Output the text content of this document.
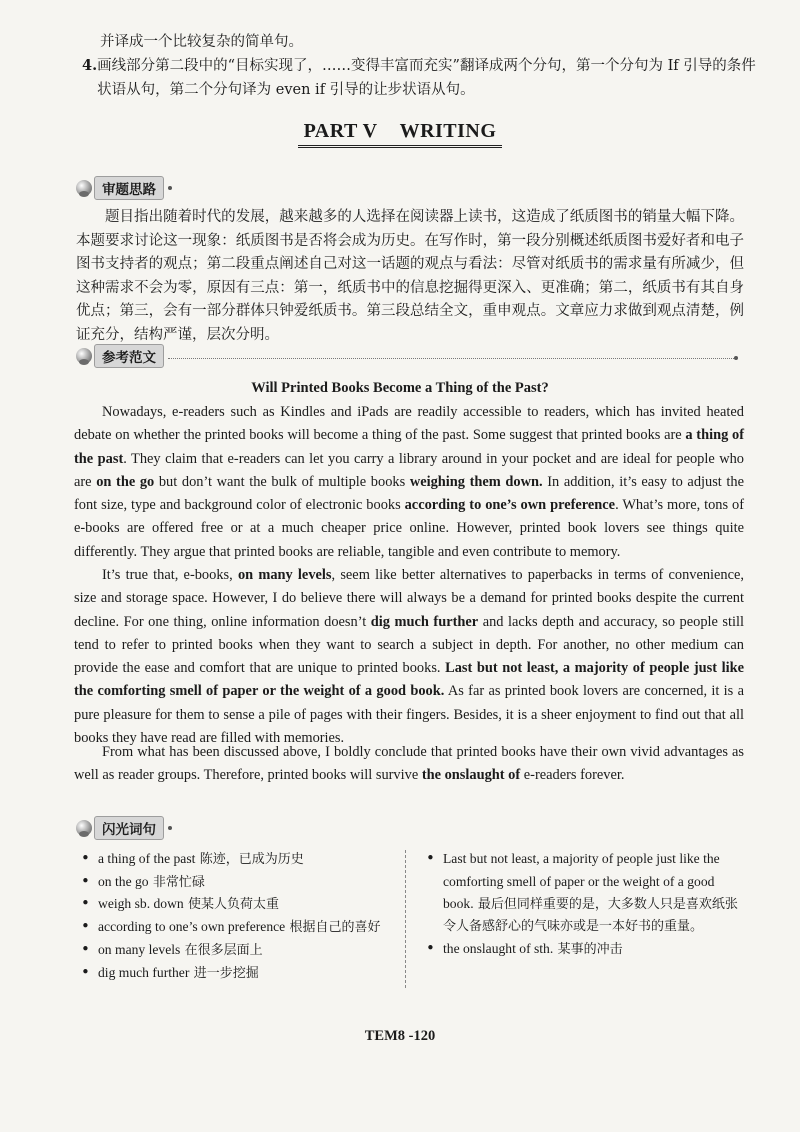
并译成一个比较复杂的简单句。
4. 画线部分第二段中的“目标实现了，……变得丰富而充实”翻译成两个分句，第一个分句为 If 引导的条件状语从句，第二个分句译为 even if 引导的让步状语从句。
PART V WRITING
审题思路

题目指出随着时代的发展，越来越多的人选择在阅读器上读书，这造成了纸质图书的销量大幅下降。本题要求讨论这一现象：纸质图书是否将会成为历史。在写作时，第一段分别概述纸质图书爱好者和电子图书支持者的观点；第二段重点阐述自己对这一话题的观点与看法：尽管对纸质书的需求量有所减少，但这种需求不会为零，原因有三点：第一，纸质书中的信息挖掘得更深入、更准确；第二，纸质书有其自身优点；第三，会有一部分群体只钟爱纸质书。第三段总结全文，重申观点。文章应力求做到观点清楚，例证充分，结构严谨，层次分明。

参考范文
Will Printed Books Become a Thing of the Past?

Nowadays, e-readers such as Kindles and iPads are readily accessible to readers, which has invited heated debate on whether the printed books will become a thing of the past. Some suggest that printed books are a thing of the past. They claim that e-readers can let you carry a library around in your pocket and are ideal for people who are on the go but don’t want the bulk of multiple books weighing them down. In addition, it’s easy to adjust the font size, type and background color of electronic books according to one’s own preference. What’s more, tons of e-books are offered free or at a much cheaper price online. However, printed book lovers see things quite differently. They argue that printed books are reliable, tangible and even contribute to memory.

It’s true that, e-books, on many levels, seem like better alternatives to paperbacks in terms of convenience, size and storage space. However, I do believe there will always be a demand for printed books despite the current decline. For one thing, online information doesn’t dig much further and lacks depth and accuracy, so people still tend to refer to printed books when they want to search a subject in depth. For another, no other medium can provide the ease and comfort that are unique to printed books. Last but not least, a majority of people just like the comforting smell of paper or the weight of a good book. As far as printed book lovers are concerned, it is a pure pleasure for them to sense a pile of pages with their fingers. Besides, it is a sheer enjoyment to find out that all books they have read are filled with memories.

From what has been discussed above, I boldly conclude that printed books have their own vivid advantages as well as reader groups. Therefore, printed books will survive the onslaught of e-readers forever.

闪光词句
• a thing of the past 陈迹，已成为历史
• on the go 非常忙碌
• weigh sb. down 使某人负荷太重
• according to one’s own preference 根据自己的喜好
• on many levels 在很多层面上
• dig much further 进一步挖掘
• Last but not least, a majority of people just like the comforting smell of paper or the weight of a good book. 最后但同样重要的是，大多数人只是喜欢纸张令人备感舒心的气味亦或是一本好书的重量。
• the onslaught of sth. 某事的冲击
TEM8 -120
